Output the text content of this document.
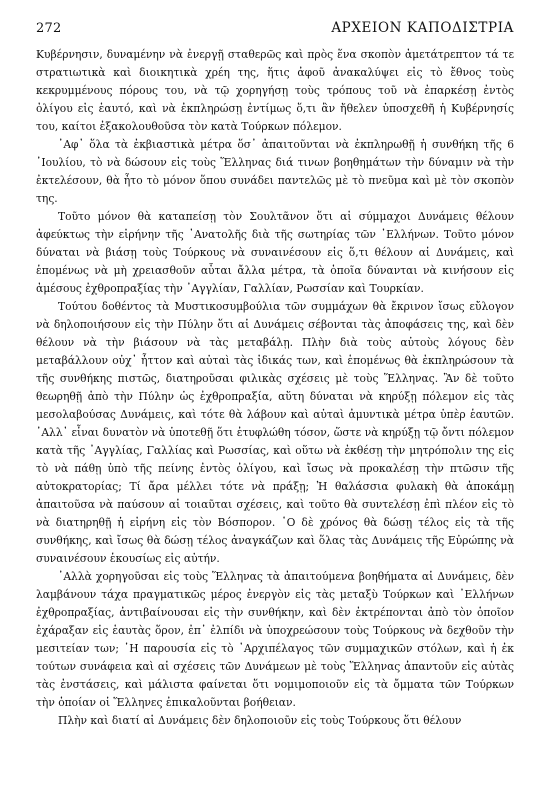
272	ΑΡΧΕΙΟΝ ΚΑΠΟΔΙΣΤΡΙΑ

Κυβέρνησιν, δυναμένην νὰ ἐνεργῇ σταθερῶς καὶ πρὸς ἕνα σκοπὸν ἀμετάτρεπτον τά τε στρατιωτικὰ καὶ διοικητικὰ χρέη της, ἥτις ἀφοῦ ἀνακαλύψει εἰς τὸ ἔθνος τοὺς κεκρυμμένους πόρους του, νὰ τῷ χορηγήσῃ τοὺς τρόπους τοῦ νὰ ἐπαρκέσῃ ἐντὸς ὀλίγου εἰς ἑαυτό, καὶ νὰ ἐκπληρώσῃ ἐντίμως ὅ,τι ἂν ἤθελεν ὑποσχεθῆ ἡ Κυβέρνησίς του, καίτοι ἐξακολουθοῦσα τὸν κατὰ Τούρκων πόλεμον.

᾽Αφ᾽ ὅλα τὰ ἐκβιαστικὰ μέτρα ὅσ᾽ ἀπαιτοῦνται νὰ ἐκπληρωθῇ ἡ συνθήκη τῆς 6 ᾽Ιουλίου, τὸ νὰ δώσουν εἰς τοὺς Ἕλληνας διά τινων βοηθημάτων τὴν δύναμιν νὰ τὴν ἐκτελέσουν, θὰ ἦτο τὸ μόνον ὅπου συνάδει παντελῶς μὲ τὸ πνεῦμα καὶ μὲ τὸν σκοπὸν της.

Τοῦτο μόνον θὰ καταπείσῃ τὸν Σουλτᾶνον ὅτι αἱ σύμμαχοι Δυνάμεις θέλουν ἀφεύκτως τὴν εἰρήνην τῆς ᾽Ανατολῆς διὰ τῆς σωτηρίας τῶν ᾽Ελλήνων. Τοῦτο μόνον δύναται νὰ βιάσῃ τοὺς Τούρκους νὰ συναινέσουν εἰς ὅ,τι θέλουν αἱ Δυνάμεις, καὶ ἑπομένως νὰ μὴ χρειασθοῦν αὗται ἄλλα μέτρα, τὰ ὁποῖα δύνανται νὰ κινήσουν εἰς ἀμέσους ἐχθροπραξίας τὴν ᾽Αγγλίαν, Γαλλίαν, Ρωσσίαν καὶ Τουρκίαν.

Τούτου δοθέντος τὰ Μυστικοσυμβούλια τῶν συμμάχων θὰ ἔκρινον ἴσως εὔλογον νὰ δηλοποιήσουν εἰς τὴν Πύλην ὅτι αἱ Δυνάμεις σέβονται τὰς ἀποφάσεις της, καὶ δὲν θέλουν νὰ τὴν βιάσουν νὰ τὰς μεταβάλῃ. Πλὴν διὰ τοὺς αὐτοὺς λόγους δὲν μεταβάλλουν οὐχ᾽ ἧττον καὶ αὐταὶ τὰς ἰδικάς των, καὶ ἑπομένως θὰ ἐκπληρώσουν τὰ τῆς συνθήκης πιστῶς, διατηροῦσαι φιλικὰς σχέσεις μὲ τοὺς Ἕλληνας. Ἂν δὲ τοῦτο θεωρηθῇ ἀπὸ τὴν Πύλην ὡς ἐχθροπραξία, αὕτη δύναται νὰ κηρύξῃ πόλεμον εἰς τὰς μεσολαβούσας Δυνάμεις, καὶ τότε θὰ λάβουν καὶ αὐταὶ ἀμυντικὰ μέτρα ὑπὲρ ἑαυτῶν. ᾽Αλλ᾽ εἶναι δυνατὸν νὰ ὑποτεθῇ ὅτι ἐτυφλώθη τόσον, ὥστε νὰ κηρύξῃ τῷ ὄντι πόλεμον κατὰ τῆς ᾽Αγγλίας, Γαλλίας καὶ Ρωσσίας, καὶ οὕτω νὰ ἐκθέσῃ τὴν μητρόπολιν της εἰς τὸ νὰ πάθῃ ὑπὸ τῆς πείνης ἐντὸς ὀλίγου, καὶ ἴσως νὰ προκαλέσῃ τὴν πτῶσιν τῆς αὐτοκρατορίας; Τί ἄρα μέλλει τότε νὰ πράξῃ; Ἡ θαλάσσια φυλακὴ θὰ ἀποκάμῃ ἀπαιτοῦσα νὰ παύσουν αἱ τοιαῦται σχέσεις, καὶ τοῦτο θὰ συντελέσῃ ἐπὶ πλέον εἰς τὸ νὰ διατηρηθῇ ἡ εἰρήνη εἰς τὸν Βόσπορον. ῾Ο δὲ χρόνος θὰ δώσῃ τέλος εἰς τὰ τῆς συνθήκης, καὶ ἴσως θὰ δώσῃ τέλος ἀναγκάζων καὶ ὅλας τὰς Δυνάμεις τῆς Εὐρώπης νὰ συναινέσουν ἑκουσίως εἰς αὐτήν.

᾽Αλλὰ χορηγοῦσαι εἰς τοὺς Ἕλληνας τὰ ἀπαιτούμενα βοηθήματα αἱ Δυνάμεις, δὲν λαμβάνουν τάχα πραγματικῶς μέρος ἐνεργὸν εἰς τὰς μεταξὺ Τούρκων καὶ ᾽Ελλήνων ἐχθροπραξίας, ἀντιβαίνουσαι εἰς τὴν συνθήκην, καὶ δὲν ἐκτρέπονται ἀπὸ τὸν ὁποῖον ἐχάραξαν εἰς ἑαυτὰς ὅρον, ἐπ᾽ ἐλπίδι νὰ ὑποχρεώσουν τοὺς Τούρκους νὰ δεχθοῦν τὴν μεσιτείαν των; ῾Η παρουσία εἰς τὸ ᾽Αρχιπέλαγος τῶν συμμαχικῶν στόλων, καὶ ἡ ἐκ τούτων συνάφεια καὶ αἱ σχέσεις τῶν Δυνάμεων μὲ τοὺς Ἕλληνας ἀπαντοῦν εἰς αὐτὰς τὰς ἐνστάσεις, καὶ μάλιστα φαίνεται ὅτι νομιμοποιοῦν εἰς τὰ ὄμματα τῶν Τούρκων τὴν ὁποίαν οἱ Ἕλληνες ἐπικαλοῦνται βοήθειαν.

Πλὴν καὶ διατί αἱ Δυνάμεις δὲν δηλοποιοῦν εἰς τοὺς Τούρκους ὅτι θέλουν
